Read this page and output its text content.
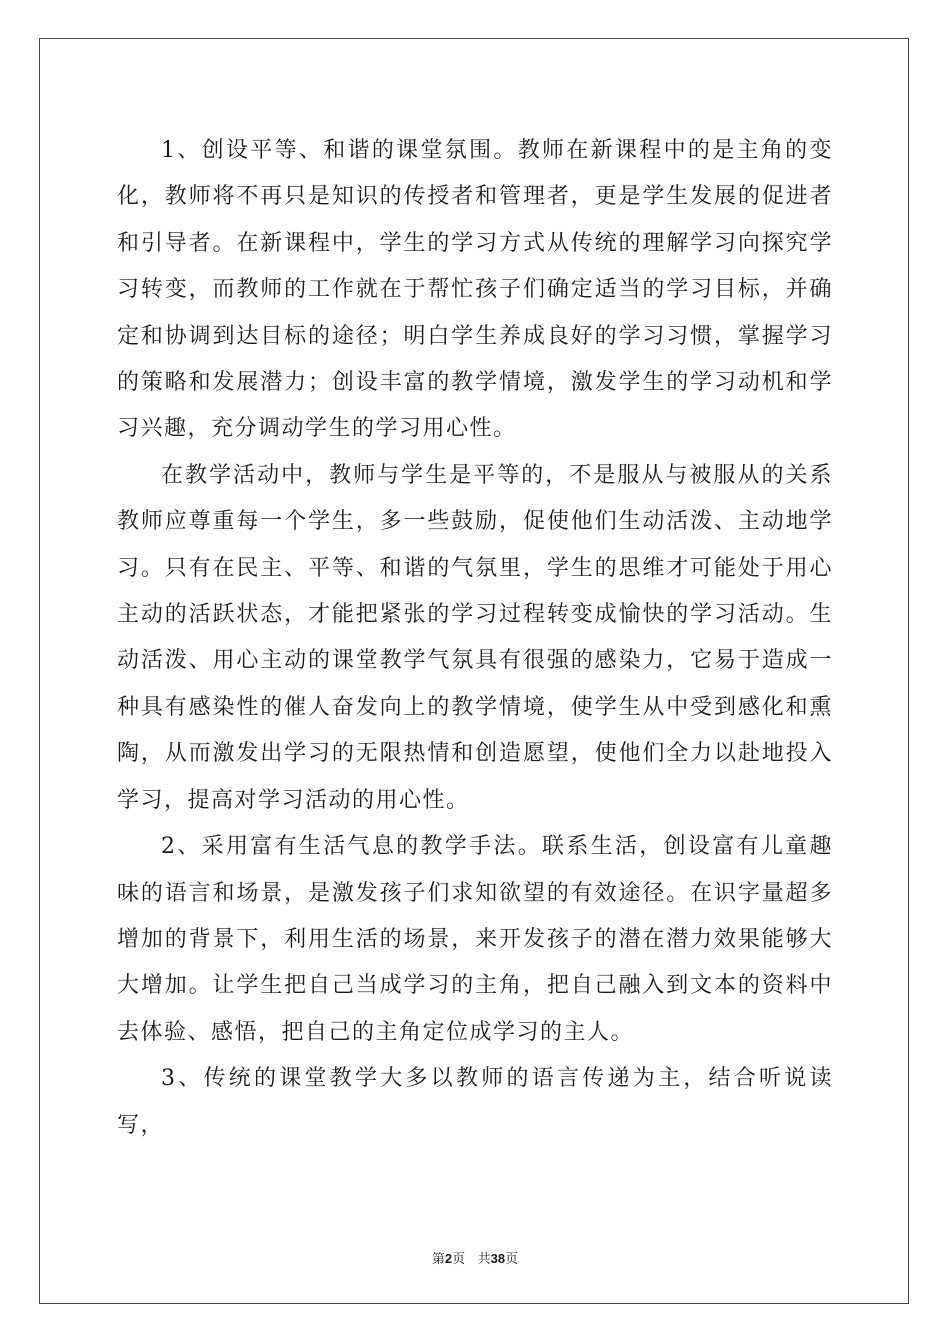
1、创设平等、和谐的课堂氛围。教师在新课程中的是主角的变化，教师将不再只是知识的传授者和管理者，更是学生发展的促进者和引导者。在新课程中，学生的学习方式从传统的理解学习向探究学习转变，而教师的工作就在于帮忙孩子们确定适当的学习目标，并确定和协调到达目标的途径；明白学生养成良好的学习习惯，掌握学习的策略和发展潜力；创设丰富的教学情境，激发学生的学习动机和学习兴趣，充分调动学生的学习用心性。

在教学活动中，教师与学生是平等的，不是服从与被服从的关系教师应尊重每一个学生，多一些鼓励，促使他们生动活泼、主动地学习。只有在民主、平等、和谐的气氛里，学生的思维才可能处于用心主动的活跃状态，才能把紧张的学习过程转变成愉快的学习活动。生动活泼、用心主动的课堂教学气氛具有很强的感染力，它易于造成一种具有感染性的催人奋发向上的教学情境，使学生从中受到感化和熏陶，从而激发出学习的无限热情和创造愿望，使他们全力以赴地投入学习，提高对学习活动的用心性。

2、采用富有生活气息的教学手法。联系生活，创设富有儿童趣味的语言和场景，是激发孩子们求知欲望的有效途径。在识字量超多增加的背景下，利用生活的场景，来开发孩子的潜在潜力效果能够大大增加。让学生把自己当成学习的主角，把自己融入到文本的资料中去体验、感悟，把自己的主角定位成学习的主人。

3、传统的课堂教学大多以教师的语言传递为主，结合听说读写，

第2页 共38页
